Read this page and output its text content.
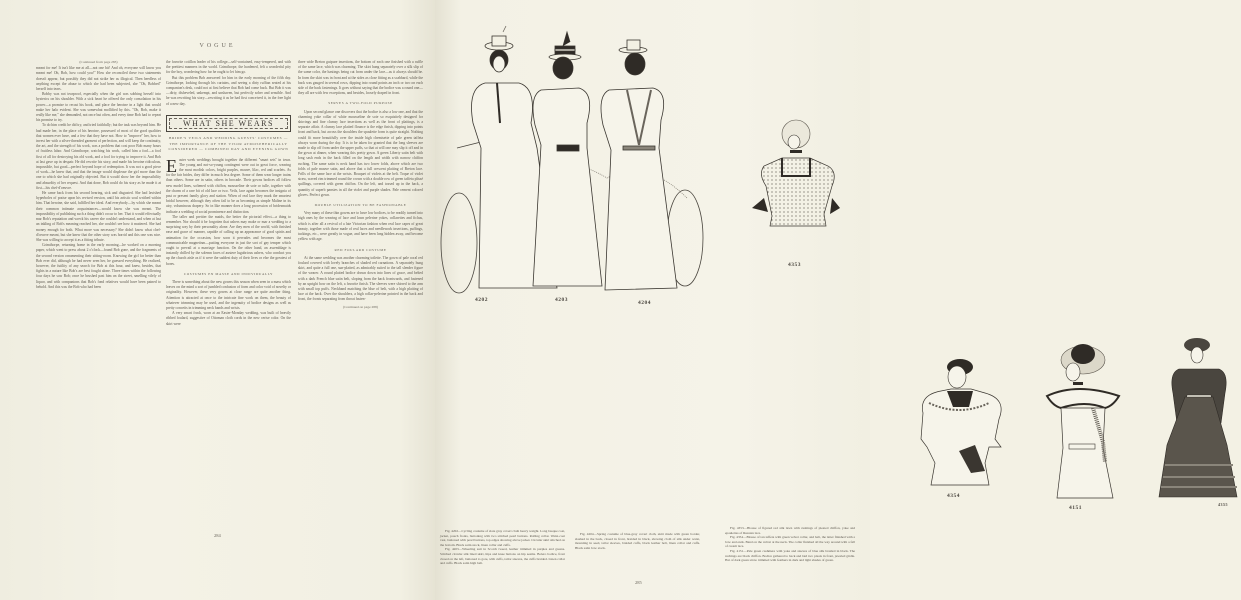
VOGUE

(Continued from page 283)

meant for me! It isn't like me at all—not one bit! And oh, everyone will know you meant me! Oh, Bob, how could you!" How she reconciled these two statements doesn't appear, but possibly they did not strike her as illogical. Then heedless of anything except the abuse to which she had been subjected, she "Oh, Bobbed" herself into tears.

Bobby was not tearproof, especially when the girl was sobbing herself into hysterics on his shoulder. With a sick heart he offered the only consolation in his power—a promise to recast his book, and place the heroine in a light that would make her halo evident. She was somewhat mollified by this. "Oh, Bob, make it really like me," she demanded, not once but often, and every time Bob had to repeat his promise to try.

To do him credit he did try, and tried faithfully; but the task was beyond him. He had made her, in the place of his heroine, possessed of most of the good qualities that women ever have, and a few that they have not. How to "improve" her, how to invest her with a silver-threaded garment of perfection, and will keep the continuity, the art, and the strength of his work, was a problem that cost poor Bob many hours of fruitless labor. And Grimthorpe, watching his work, called him a fool—a fool first of all for destroying his old work, and a fool for trying to improve it. And Bob at last gave up in despair. He did rewrite his story, and made his heroine ridiculous, impossible, but good—perfect beyond hope of redemption. It was not a good piece of work—he knew that, and that the image would displease the girl more than the one to which she had originally objected. But it would show her the impossibility and absurdity of her request. And that done, Bob could do his story as he made it at first—his chef-d'oeuvre.

He came back from his second hearing, sick and disgusted. She had lavished hyperboles of praise upon his revised version, until his artistic soul writhed within him. That heroine, she said, fulfilled her ideal. And everybody—by which she meant their common intimate acquaintances—would know she was meant. The impossibility of publishing such a thing didn't occur to her. That it would effectually mar Bob's reputation and wreck his career she couldn't understand, and when at last an inkling of Bob's meaning reached her, she couldn't see how it mattered. She had money enough for both. What more was necessary? She didn't know what chef-d'oeuvre meant, but she knew that the other story was horrid and this one was nice. She was willing to accept it as a fitting tribute.

Grimthorpe, returning home in the early morning—he worked on a morning paper, which went to press about 2 o'clock—found Bob gone, and the fragments of the second version ornamenting their sitting-room. Knowing the girl far better than Bob ever did, although he had never seen her, he guessed everything. He realized, however, the futility of any search for Bob at this hour, and knew, besides, that fights in a nature like Bob's are best fought alone. Three times within the following four days he saw Bob; once he brushed past him on the street, smelling vilely of liquor, and with companions that Bob's fond relatives would have been pained to behold. And this was the Bob who had been

the favorite cotillon leader of his college—self-contained, easy-tempered, and with the prettiest manners in the world. Grimthorpe, the hardened, felt a wonderful pity for the boy, wondering how far he ought to let him go.

But this problem Bob answered for him in the early morning of the fifth day. Grimthorpe, looking through his curtains, and seeing a dirty ruffian seated at his companion's desk, could not at first believe that Bob had come back. But Bob it was—dirty, disheveled, unkempt, and unshaven, but perfectly sober and sensible. And he was rewriting his story—rewriting it as he had first conceived it, in the free light of a new day.

WHAT SHE WEARS
BRIDE'S VEILS AND WEDDING GUESTS' COSTUMES — THE IMPORTANCE OF THE VISOR ATMOSPHERICALLY CONSIDERED — COMBINED DAY AND EVENING GOWN

Easter week weddings brought together the different "smart sets" in town. The young and not-so-young contingent were out in great force, wearing the most modish colors, bright purples, mauve, lilac, red and scarlets. As for the fair brides, they differ in much less degree. Some of them wear longer trains than others. Some are in satin, others in brocade. Their gowns bodices all follow new model lines, softened with chiffon, mousseline de soie or tulle, together with the charm of a rare bit of old lace or two. Veils, lace again becomes the insignia of past or present family glory and station. When of real lace they mark the smartest bridal however, although they often fail to be as becoming as simple Maline in its airy, voluminous drapery. So in like manner does a long procession of bridesmaids indicate a wedding of social prominence and distinction.

The taller and prettier the maids, the better the pictorial effect—a thing to remember. Nor should it be forgotten that ushers may make or mar a wedding to a surprising way by their personality alone. Are they men of the world, with finished ease and grace of manner, capable of calling up an appearance of good spirits and animation for the occasion, how soon it pervades and becomes the most communicable magnetism—putting everyone in just the sort of gay temper which ought to prevail at a marriage function. On the other hand, an assemblage is instantly chilled by the solemn faces of austere lugubrious ushers, who conduct you up the church aisle as if it were the saddest duty of their lives or else the greatest of bores.

COSTUMES EN MASSE AND INDIVIDUALLY

There is something about the new gowns this season when seen in a mass which leaves on the mind a sort of jumbled confusion of form and color void of novelty or originality. However, these very gowns at close range are quite another thing. Attention is attracted at once to the intricate fine work on them, the beauty of whatever trimming may be used, and the ingenuity of bodice designs as well as pretty conceits in trimming neck bands and wrists.

A very smart frock, worn at an Easter-Monday wedding, was built of heavily ribbed foulard, suggestive of Ottoman cloth cords in the new cerise color. On the skirt were

three wide Breton guipure insertions, the bottom of each one finished with a ruffle of the same lace, which was charming. The skirt hung separately over a silk slip of the same color, the hastings being cut from under the lace—as it always should be. In form the skirt was in front and at the sides as close fitting as a scabbard, while the back was gauged in several rows, dipping into round points an inch or two on each side of the back fastenings. It goes without saying that the bodice was a round one—they all are with few exceptions, and besides, loosely draped in front.

SERVES A TWO-FOLD PURPOSE

Upon second glance one discovers that the bodice is also a low one, and that the charming yoke collar of white mousseline de soie so exquisitely designed for shirrings and fine clumsy lace insertions as well as the front of plaitings, is a separate affair. A clumsy lace plaited flounce is the edge finish, dipping into points front and back, but across the shoulders the spaulette form is quite straight. Nothing could fit more beautifully over the inside high chemisette of pale green taffeta always worn during the day. It is to be taken for granted that the long sleeves are made to slip off from under the upper puffs, so that at will one may slip it off and in the gown at dinner, when wearing this pretty gown. A green Liberty satin belt with long sash ends in the back filled on the length and width with narrow chiffon ruching. The same satin is neck band has two lower folds, above which are two folds of pale mauve satin, and above that a full crescent plaiting of Breton lace. Frills of the same lace at the wrists. Bouquet of violets at the belt. Toque of violet straw, waved rim trimmed round the crown with a double row of green taffeta plissé quillings, covered with green chiffon. On the left, and tossed up in the back, a quantity of superb pansies in all the violet and purple shades. Pale cement colored gloves. Perfect gown.

DOUBLE UTILIZATION TO BE FASHIONABLE

Very many of these thin gowns are to have low bodices, to be readily turned into high ones by the wearing of lace and lawn pelerine yokes, collarettes and fichus, which is after all a revival of a late Victorian fashion when real lace capes of great beauty, together with those made of real laces and needlework insertions, puffings, tuckings, etc., were greatly in vogue, and have been long hidden away, and become yellow with age.

RED FOULARD COSTUME

At the same wedding was another charming toilette. The gown of pale coral red foulard covered with lovely branches of shaded red carnations. A separately hung skirt, and quite a full one, sun-plaited, as admirably suited to the tall slender figure of the wearer. A round plaited bodice drawn down into lines of grace, and belted with a dark French blue satin belt, sloping from the back frontwards, and fastened by an upright bow on the left, a favorite finish. The sleeves were shirred to the arm with small top puffs. Neckband matching the blue of belt, with a high plaiting of lace at the back. Over the shoulders, a high collar-pelerine pointed in the back and front, the fronts separating from throat fasten-

(Continued on page 288)

284
4202	4203	4204
4353
4354
4151
4355

Fig. 4202—Cycling costume of slate gray covert cloth heavy weight. Long basque coat, jacket, pouch fronts, buttoning with two stitched pearl buttons. Rolling collar. Waist-coat vest, buttoned with pearl buttons, top edges showing above jacket. Circular skirt stitched on the bottom. Black satin stock, linen collar and cuffs.

Fig. 4203—Wheeling suit in Scotch tweed, leather trimmed in purples and greens. Stitched circular silk lined skirt, hips and knee buttons on hip seams. Bolero bodice, front closed on the left, buttoned to gore, with cuffs, tailor sleeves, the cuffs braided. Linen collar and cuffs. Black satin high belt.

Fig. 4204—Spring costume of blue-gray covert cloth, skirt made with green border, slashed in the back, closed in front, braided in black, showing cloth of silk under waist, mounting in seed, tailor sleeves, braided cuffs, black leather belt, linen collar and cuffs. Black satin bow stock.

Fig. 4353—Blouse of figured red silk lawn with rushings of pleated chiffon, yoke and epaulettes of Russian lace.

Fig. 4354—Blouse of tan taffeta with green velvet collar, and belt, the latter finished with a bow and ends. Band on the velvet at the neck. The collar finished all the way around with a fall of cream lace.

Fig. 4151—Pale green cashmere with yoke and sleeves of blue silk braided in black. The ruchings are black chiffon. Bodice gathered to back and laid two pleats in front, jeweled girdle. Hat of dark green straw trimmed with feathers in dark and light shades of green.

285
